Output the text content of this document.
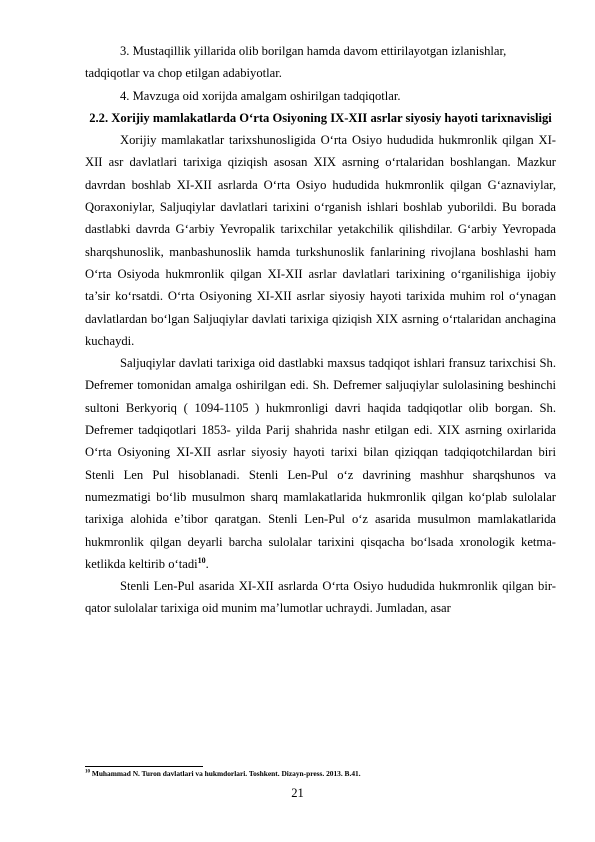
3. Mustaqillik yillarida olib borilgan hamda davom ettirilayotgan izlanishlar, tadqiqotlar va chop etilgan adabiyotlar.

4. Mavzuga oid xorijda amalgam oshirilgan tadqiqotlar.

2.2. Xorijiy mamlakatlarda O‘rta Osiyoning IX-XII asrlar siyosiy hayoti tarixnavisligi

Xorijiy mamlakatlar tarixshunosligida O‘rta Osiyo hududida hukmronlik qilgan XI-XII asr davlatlari tarixiga qiziqish asosan XIX asrning o‘rtalaridan boshlangan. Mazkur davrdan boshlab XI-XII asrlarda O‘rta Osiyo hududida hukmronlik qilgan G‘aznaviylar, Qoraxoniylar, Saljuqiylar davlatlari tarixini o‘rganish ishlari boshlab yuborildi. Bu borada dastlabki davrda G‘arbiy Yevropalik tarixchilar yetakchilik qilishdilar. G‘arbiy Yevropada sharqshunoslik, manbashunoslik hamda turkshunoslik fanlarining rivojlana boshlashi ham O‘rta Osiyoda hukmronlik qilgan XI-XII asrlar davlatlari tarixining o‘rganilishiga ijobiy ta’sir ko‘rsatdi. O‘rta Osiyoning XI-XII asrlar siyosiy hayoti tarixida muhim rol o‘ynagan davlatlardan bo‘lgan Saljuqiylar davlati tarixiga qiziqish XIX asrning o‘rtalaridan anchagina kuchaydi.

Saljuqiylar davlati tarixiga oid dastlabki maxsus tadqiqot ishlari fransuz tarixchisi Sh. Defremer tomonidan amalga oshirilgan edi. Sh. Defremer saljuqiylar sulolasining beshinchi sultoni Berkyoriq ( 1094-1105 ) hukmronligi davri haqida tadqiqotlar olib borgan. Sh. Defremer tadqiqotlari 1853- yilda Parij shahrida nashr etilgan edi. XIX asrning oxirlarida O‘rta Osiyoning XI-XII asrlar siyosiy hayoti tarixi bilan qiziqqan tadqiqotchilardan biri Stenli Len Pul hisoblanadi. Stenli Len-Pul o‘z davrining mashhur sharqshunos va numezmatigi bo‘lib musulmon sharq mamlakatlarida hukmronlik qilgan ko‘plab sulolalar tarixiga alohida e’tibor qaratgan. Stenli Len-Pul o‘z asarida musulmon mamlakatlarida hukmronlik qilgan deyarli barcha sulolalar tarixini qisqacha bo‘lsada xronologik ketma-ketlikda keltirib o‘tadi$^{10}$.

Stenli Len-Pul asarida XI-XII asrlarda O‘rta Osiyo hududida hukmronlik qilgan bir-qator sulolalar tarixiga oid munim ma’lumotlar uchraydi. Jumladan, asar

$^{10}$ Muhammad N. Turon davlatlari va hukmdorlari. Toshkent. Dizayn-press. 2013. B.41.
21
